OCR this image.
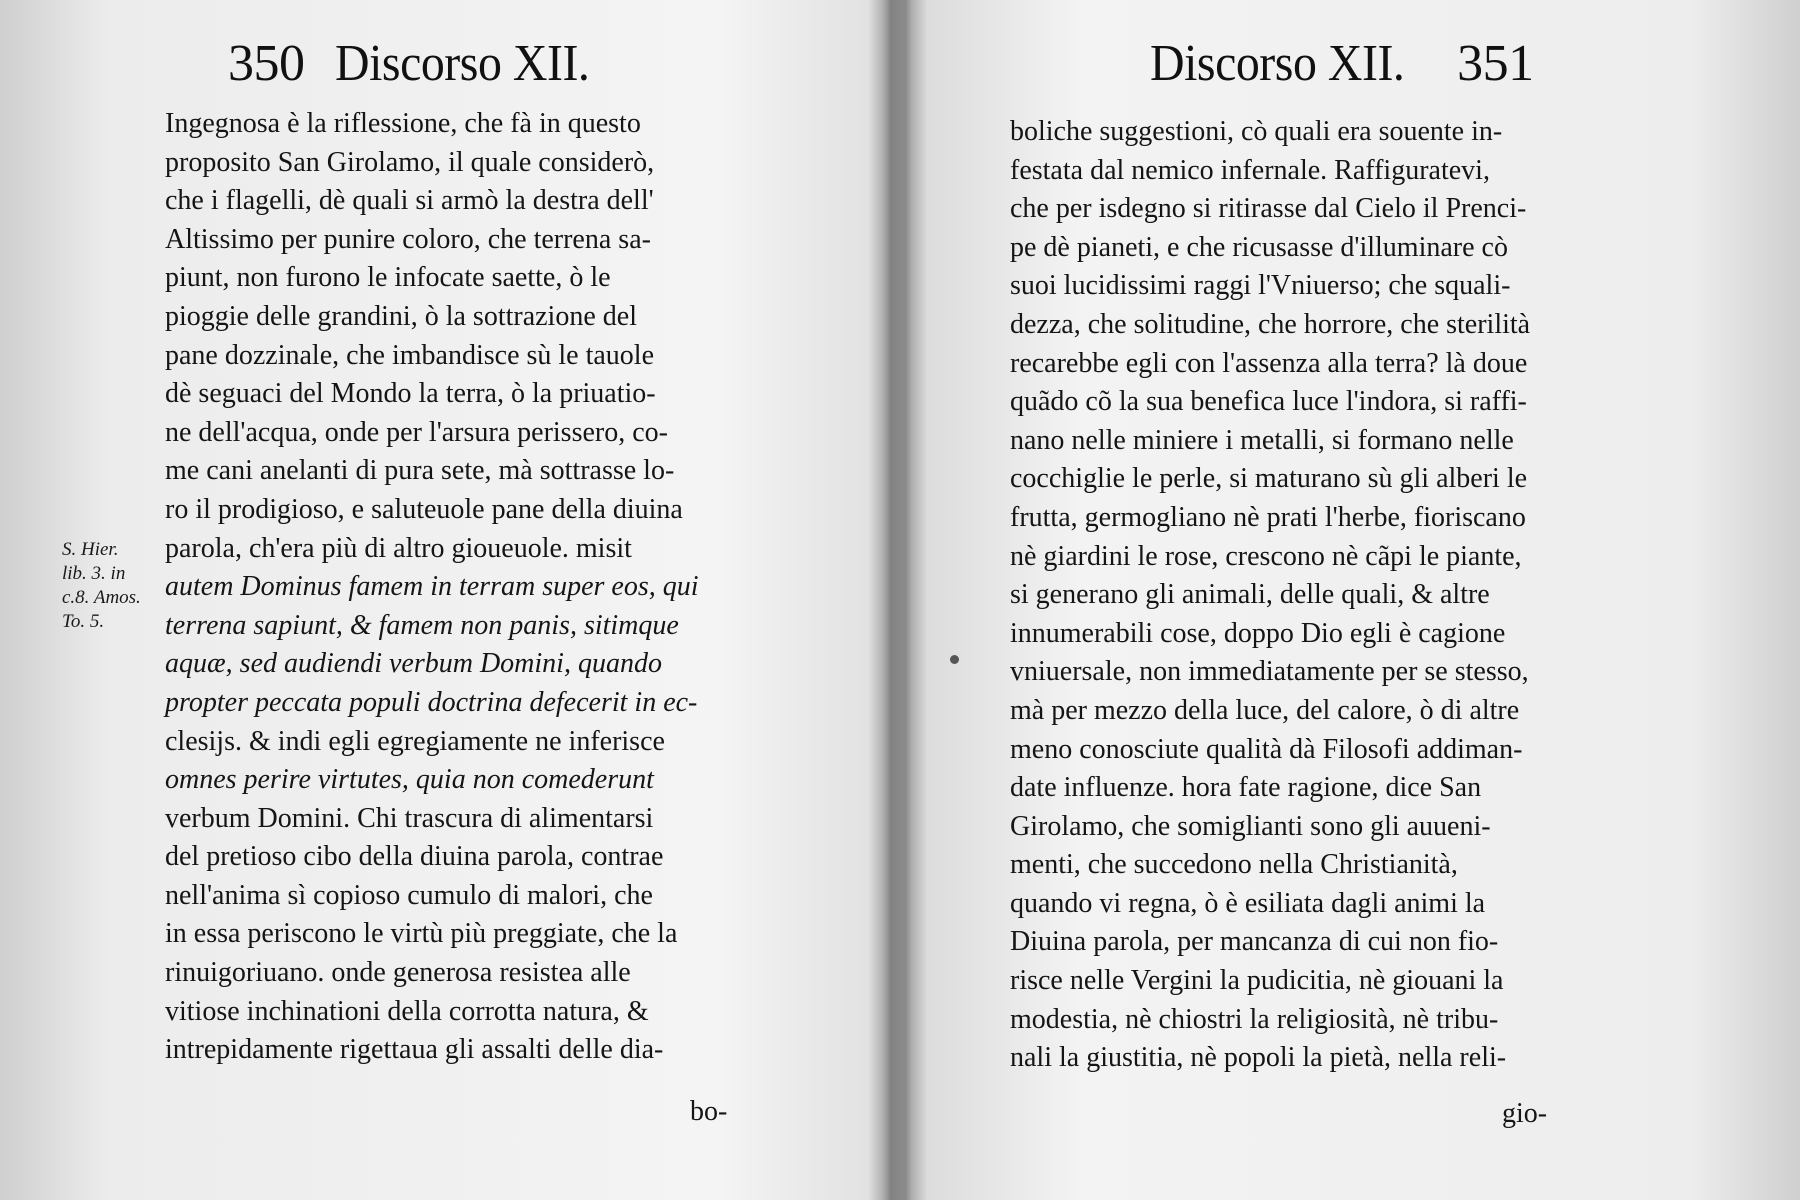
350 Discorso XII.
S. Hier.
lib. 3. in
c.8. Amos.
To. 5.
Ingegnosa è la riflessione, che fà in questo
proposito San Girolamo, il quale considerò,
che i flagelli, dè quali si armò la destra dell'
Altissimo per punire coloro, che terrena sa-
piunt, non furono le infocate saette, ò le
pioggie delle grandini, ò la sottrazione del
pane dozzinale, che imbandisce sù le tauole
dè seguaci del Mondo la terra, ò la priuatio-
ne dell'acqua, onde per l'arsura perissero, co-
me cani anelanti di pura sete, mà sottrasse lo-
ro il prodigioso, e saluteuole pane della diuina
parola, ch'era più di altro gioueuole. misit
autem Dominus famem in terram super eos, qui
terrena sapiunt, & famem non panis, sitimque
aquæ, sed audiendi verbum Domini, quando
propter peccata populi doctrina defecerit in ec-
clesijs. & indi egli egregiamente ne inferisce
omnes perire virtutes, quia non comederunt
verbum Domini. Chi trascura di alimentarsi
del pretioso cibo della diuina parola, contrae
nell'anima sì copioso cumulo di malori, che
in essa periscono le virtù più preggiate, che la
rinuigoriuano. onde generosa resistea alle
vitiose inchinationi della corrotta natura, &
intrepidamente rigettaua gli assalti delle dia-
bo-
Discorso XII. 351
boliche suggestioni, cò quali era souente in-
festata dal nemico infernale. Raffiguratevi,
che per isdegno si ritirasse dal Cielo il Prenci-
pe dè pianeti, e che ricusasse d'illuminare cò
suoi lucidissimi raggi l'Vniuerso; che squali-
dezza, che solitudine, che horrore, che sterilità
recarebbe egli con l'assenza alla terra? là doue
quãdo cõ la sua benefica luce l'indora, si raffi-
nano nelle miniere i metalli, si formano nelle
cocchiglie le perle, si maturano sù gli alberi le
frutta, germogliano nè prati l'herbe, fioriscano
nè giardini le rose, crescono nè cãpi le piante,
si generano gli animali, delle quali, & altre
innumerabili cose, doppo Dio egli è cagione
vniuersale, non immediatamente per se stesso,
mà per mezzo della luce, del calore, ò di altre
meno conosciute qualità dà Filosofi addiman-
date influenze. hora fate ragione, dice San
Girolamo, che somiglianti sono gli auueni-
menti, che succedono nella Christianità,
quando vi regna, ò è esiliata dagli animi la
Diuina parola, per mancanza di cui non fio-
risce nelle Vergini la pudicitia, nè giouani la
modestia, nè chiostri la religiosità, nè tribu-
nali la giustitia, nè popoli la pietà, nella reli-
gio-
